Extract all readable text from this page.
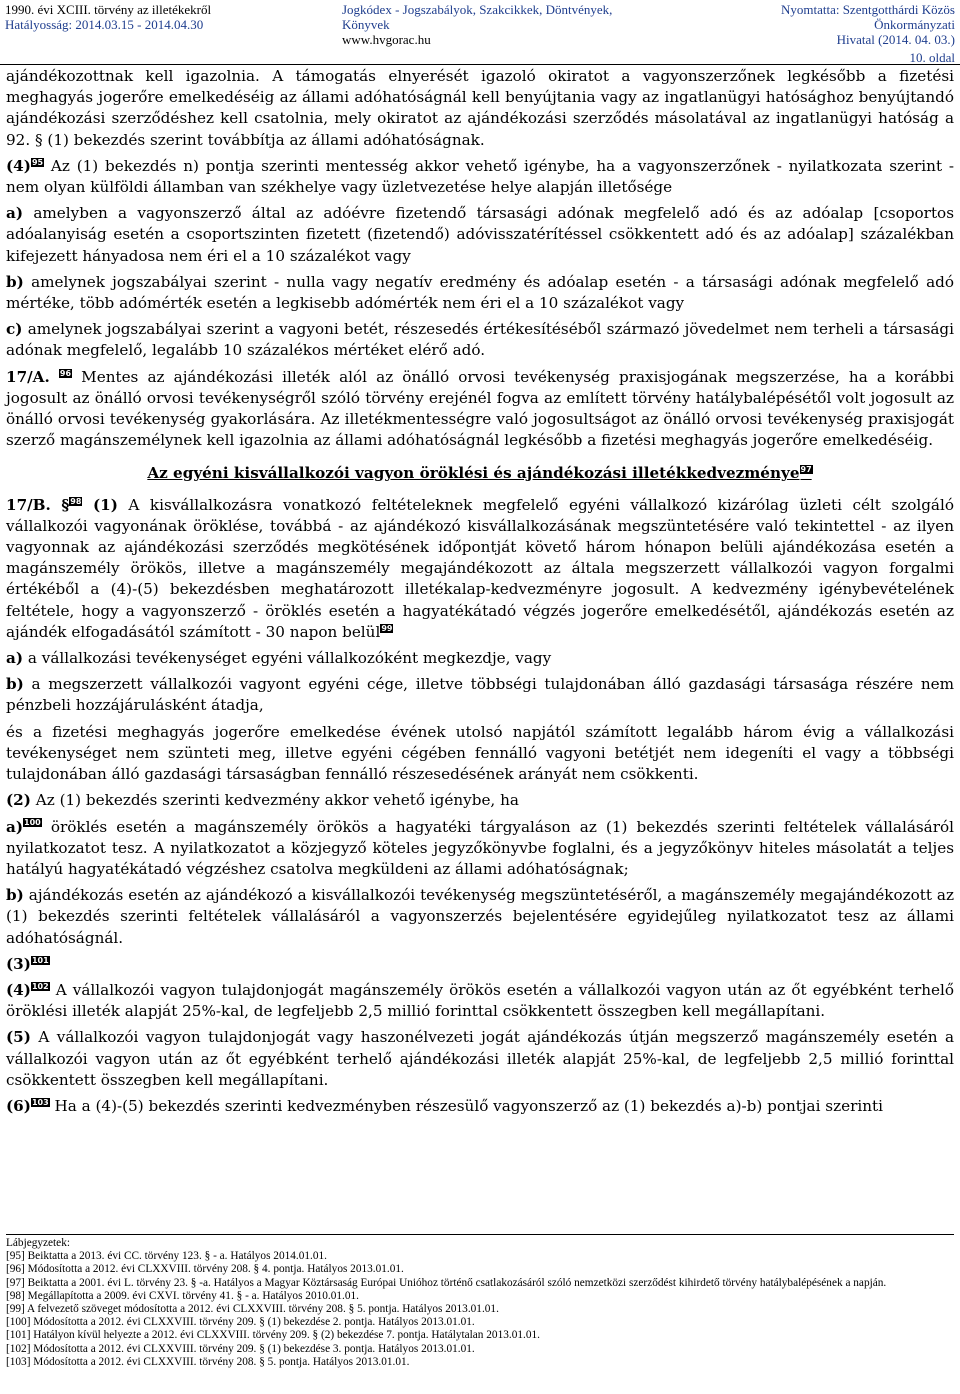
1990. évi XCIII. törvény az illetékekről
Hatályosság: 2014.03.15 - 2014.04.30
Jogkódex - Jogszabályok, Szakcikkek, Döntvények,
Könyvek
www.hvgorac.hu
Nyomtatta: Szentgotthárdi Közös Önkormányzati
Hivatal (2014. 04. 03.)
10. oldal

ajándékozottnak kell igazolnia. A támogatás elnyerését igazoló okiratot a vagyonszerzőnek legkésőbb a fizetési meghagyás jogerőre emelkedéséig az állami adóhatóságnál kell benyújtania vagy az ingatlanügyi hatósághoz benyújtandó ajándékozási szerződéshez kell csatolnia, mely okiratot az ajándékozási szerződés másolatával az ingatlanügyi hatóság a 92. § (1) bekezdés szerint továbbítja az állami adóhatóságnak.

$(4)^{95}$ Az (1) bekezdés n) pontja szerinti mentesség akkor vehető igénybe, ha a vagyonszerzőnek - nyilatkozata szerint - nem olyan külföldi államban van székhelye vagy üzletvezetése helye alapján illetősége

a) amelyben a vagyonszerző által az adóévre fizetendő társasági adónak megfelelő adó és az adóalap [csoportos adóalanyiság esetén a csoportszinten fizetett (fizetendő) adóvisszatérítéssel csökkentett adó és az adóalap] százalékban kifejezett hányadosa nem éri el a 10 százalékot vagy

b) amelynek jogszabályai szerint - nulla vagy negatív eredmény és adóalap esetén - a társasági adónak megfelelő adó mértéke, több adómérték esetén a legkisebb adómérték nem éri el a 10 százalékot vagy

c) amelynek jogszabályai szerint a vagyoni betét, részesedés értékesítéséből származó jövedelmet nem terheli a társasági adónak megfelelő, legalább 10 százalékos mértéket elérő adó.

17/A. $^{96}$ Mentes az ajándékozási illeték alól az önálló orvosi tevékenység praxisjogának megszerzése, ha a korábbi jogosult az önálló orvosi tevékenységről szóló törvény erejénél fogva az említett törvény hatálybalépésétől volt jogosult az önálló orvosi tevékenység gyakorlására. Az illetékmentességre való jogosultságot az önálló orvosi tevékenység praxisjogát szerző magánszemélynek kell igazolnia az állami adóhatóságnál legkésőbb a fizetési meghagyás jogerőre emelkedéséig.

Az egyéni kisvállalkozói vagyon öröklési és ajándékozási illetékkedvezménye$^{97}$

17/B. §$^{98}$ (1) A kisvállalkozásra vonatkozó feltételeknek megfelelő egyéni vállalkozó kizárólag üzleti célt szolgáló vállalkozói vagyonának öröklése, továbbá - az ajándékozó kisvállalkozásának megszüntetésére való tekintettel - az ilyen vagyonnak az ajándékozási szerződés megkötésének időpontját követő három hónapon belüli ajándékozása esetén a magánszemély örökös, illetve a magánszemély megajándékozott az általa megszerzett vállalkozói vagyon forgalmi értékéből a (4)-(5) bekezdésben meghatározott illetékalap-kedvezményre jogosult. A kedvezmény igénybevételének feltétele, hogy a vagyonszerző - öröklés esetén a hagyatékátadó végzés jogerőre emelkedésétől, ajándékozás esetén az ajándék elfogadásától számított - 30 napon belül$^{99}$

a) a vállalkozási tevékenységet egyéni vállalkozóként megkezdje, vagy

b) a megszerzett vállalkozói vagyont egyéni cége, illetve többségi tulajdonában álló gazdasági társasága részére nem pénzbeli hozzájárulásként átadja,

és a fizetési meghagyás jogerőre emelkedése évének utolsó napjától számított legalább három évig a vállalkozási tevékenységet nem szünteti meg, illetve egyéni cégében fennálló vagyoni betétjét nem idegeníti el vagy a többségi tulajdonában álló gazdasági társaságban fennálló részesedésének arányát nem csökkenti.

(2) Az (1) bekezdés szerinti kedvezmény akkor vehető igénybe, ha

a)$^{100}$ öröklés esetén a magánszemély örökös a hagyatéki tárgyaláson az (1) bekezdés szerinti feltételek vállalásáról nyilatkozatot tesz. A nyilatkozatot a közjegyző köteles jegyzőkönyvbe foglalni, és a jegyzőkönyv hiteles másolatát a teljes hatályú hagyatékátadó végzéshez csatolva megküldeni az állami adóhatóságnak;

b) ajándékozás esetén az ajándékozó a kisvállalkozói tevékenység megszüntetéséről, a magánszemély megajándékozott az (1) bekezdés szerinti feltételek vállalásáról a vagyonszerzés bejelentésére egyidejűleg nyilatkozatot tesz az állami adóhatóságnál.

$(3)^{101}$

$(4)^{102}$ A vállalkozói vagyon tulajdonjogát magánszemély örökös esetén a vállalkozói vagyon után az őt egyébként terhelő öröklési illeték alapját 25%-kal, de legfeljebb 2,5 millió forinttal csökkentett összegben kell megállapítani.

(5) A vállalkozói vagyon tulajdonjogát vagy haszonélvezeti jogát ajándékozás útján megszerző magánszemély esetén a vállalkozói vagyon után az őt egyébként terhelő ajándékozási illeték alapját 25%-kal, de legfeljebb 2,5 millió forinttal csökkentett összegben kell megállapítani.

$(6)^{103}$ Ha a (4)-(5) bekezdés szerinti kedvezményben részesülő vagyonszerző az (1) bekezdés a)-b) pontjai szerinti

Lábjegyzetek:
[95] Beiktatta a 2013. évi CC. törvény 123. § - a. Hatályos 2014.01.01.
[96] Módosította a 2012. évi CLXXVIII. törvény 208. § 4. pontja. Hatályos 2013.01.01.
[97] Beiktatta a 2001. évi L. törvény 23. § -a. Hatályos a Magyar Köztársaság Európai Unióhoz történő csatlakozásáról szóló nemzetközi szerződést kihirdető törvény hatálybalépésének a napján.
[98] Megállapította a 2009. évi CXVI. törvény 41. § - a. Hatályos 2010.01.01.
[99] A felvezető szöveget módosította a 2012. évi CLXXVIII. törvény 208. § 5. pontja. Hatályos 2013.01.01.
[100] Módosította a 2012. évi CLXXVIII. törvény 209. § (1) bekezdése 2. pontja. Hatályos 2013.01.01.
[101] Hatályon kívül helyezte a 2012. évi CLXXVIII. törvény 209. § (2) bekezdése 7. pontja. Hatálytalan 2013.01.01.
[102] Módosította a 2012. évi CLXXVIII. törvény 209. § (1) bekezdése 3. pontja. Hatályos 2013.01.01.
[103] Módosította a 2012. évi CLXXVIII. törvény 208. § 5. pontja. Hatályos 2013.01.01.
